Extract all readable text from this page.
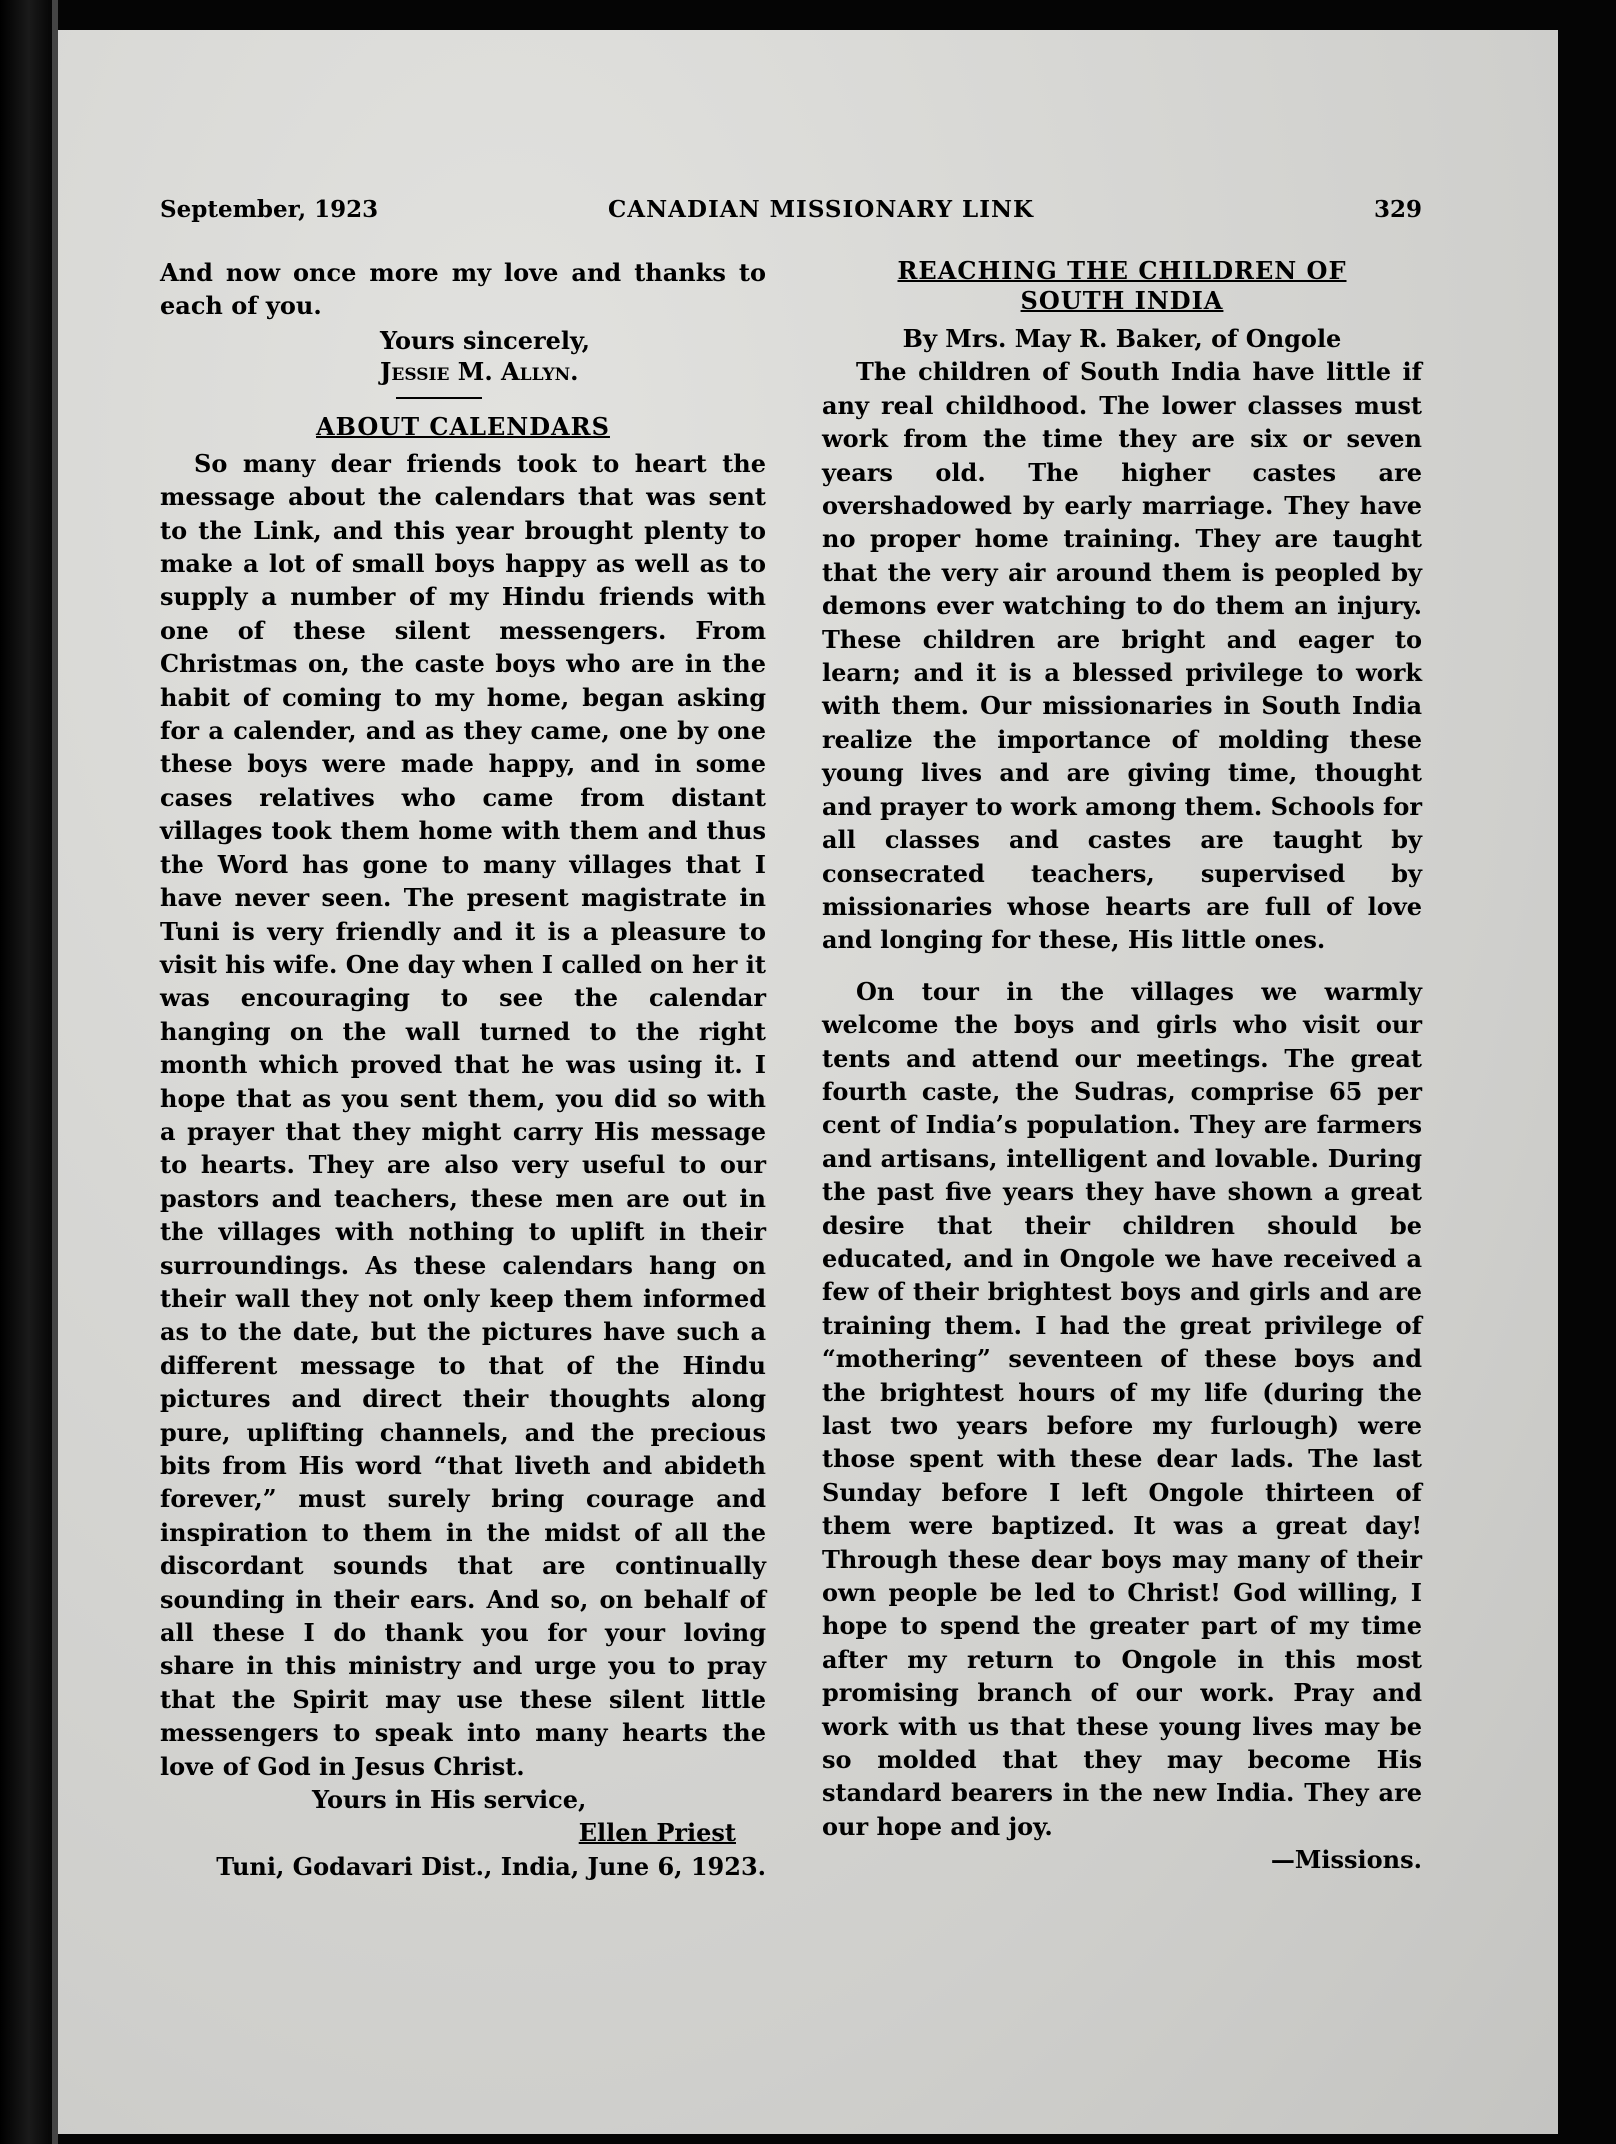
September, 1923	CANADIAN MISSIONARY LINK	329

And now once more my love and thanks to each of you.

Yours sincerely,
Jessie M. Allyn.
ABOUT CALENDARS

So many dear friends took to heart the message about the calendars that was sent to the Link, and this year brought plenty to make a lot of small boys happy as well as to supply a number of my Hindu friends with one of these silent messengers. From Christmas on, the caste boys who are in the habit of coming to my home, began asking for a calender, and as they came, one by one these boys were made happy, and in some cases relatives who came from distant villages took them home with them and thus the Word has gone to many villages that I have never seen. The present magistrate in Tuni is very friendly and it is a pleasure to visit his wife. One day when I called on her it was encouraging to see the calendar hanging on the wall turned to the right month which proved that he was using it. I hope that as you sent them, you did so with a prayer that they might carry His message to hearts. They are also very useful to our pastors and teachers, these men are out in the villages with nothing to uplift in their surroundings. As these calendars hang on their wall they not only keep them informed as to the date, but the pictures have such a different message to that of the Hindu pictures and direct their thoughts along pure, uplifting channels, and the precious bits from His word “that liveth and abideth forever,” must surely bring courage and inspiration to them in the midst of all the discordant sounds that are continually sounding in their ears. And so, on behalf of all these I do thank you for your loving share in this ministry and urge you to pray that the Spirit may use these silent little messengers to speak into many hearts the love of God in Jesus Christ.

Yours in His service,

Ellen Priest

Tuni, Godavari Dist., India, June 6, 1923.

REACHING THE CHILDREN OF
SOUTH INDIA

By Mrs. May R. Baker, of Ongole

The children of South India have little if any real childhood. The lower classes must work from the time they are six or seven years old. The higher castes are overshadowed by early marriage. They have no proper home training. They are taught that the very air around them is peopled by demons ever watching to do them an injury. These children are bright and eager to learn; and it is a blessed privilege to work with them. Our missionaries in South India realize the importance of molding these young lives and are giving time, thought and prayer to work among them. Schools for all classes and castes are taught by consecrated teachers, supervised by missionaries whose hearts are full of love and longing for these, His little ones.

On tour in the villages we warmly welcome the boys and girls who visit our tents and attend our meetings. The great fourth caste, the Sudras, comprise 65 per cent of India’s population. They are farmers and artisans, intelligent and lovable. During the past five years they have shown a great desire that their children should be educated, and in Ongole we have received a few of their brightest boys and girls and are training them. I had the great privilege of “mothering” seventeen of these boys and the brightest hours of my life (during the last two years before my furlough) were those spent with these dear lads. The last Sunday before I left Ongole thirteen of them were baptized. It was a great day! Through these dear boys may many of their own people be led to Christ! God willing, I hope to spend the greater part of my time after my return to Ongole in this most promising branch of our work. Pray and work with us that these young lives may be so molded that they may become His standard bearers in the new India. They are our hope and joy.

—Missions.
